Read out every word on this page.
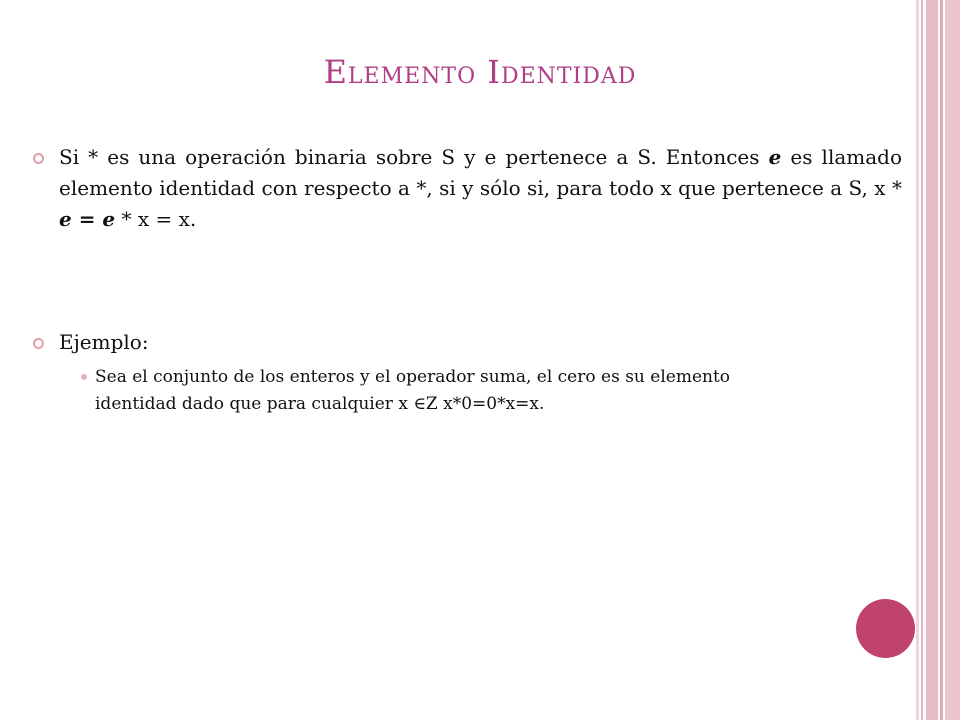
Elemento Identidad
Si * es una operación binaria sobre S y e pertenece a S. Entonces e es llamado elemento identidad con respecto a *, si y sólo si, para todo x que pertenece a S, x * e = e * x = x.
Ejemplo:
Sea el conjunto de los enteros y el operador suma, el cero es su elemento
identidad dado que para cualquier x ∈Z x*0=0*x=x.
